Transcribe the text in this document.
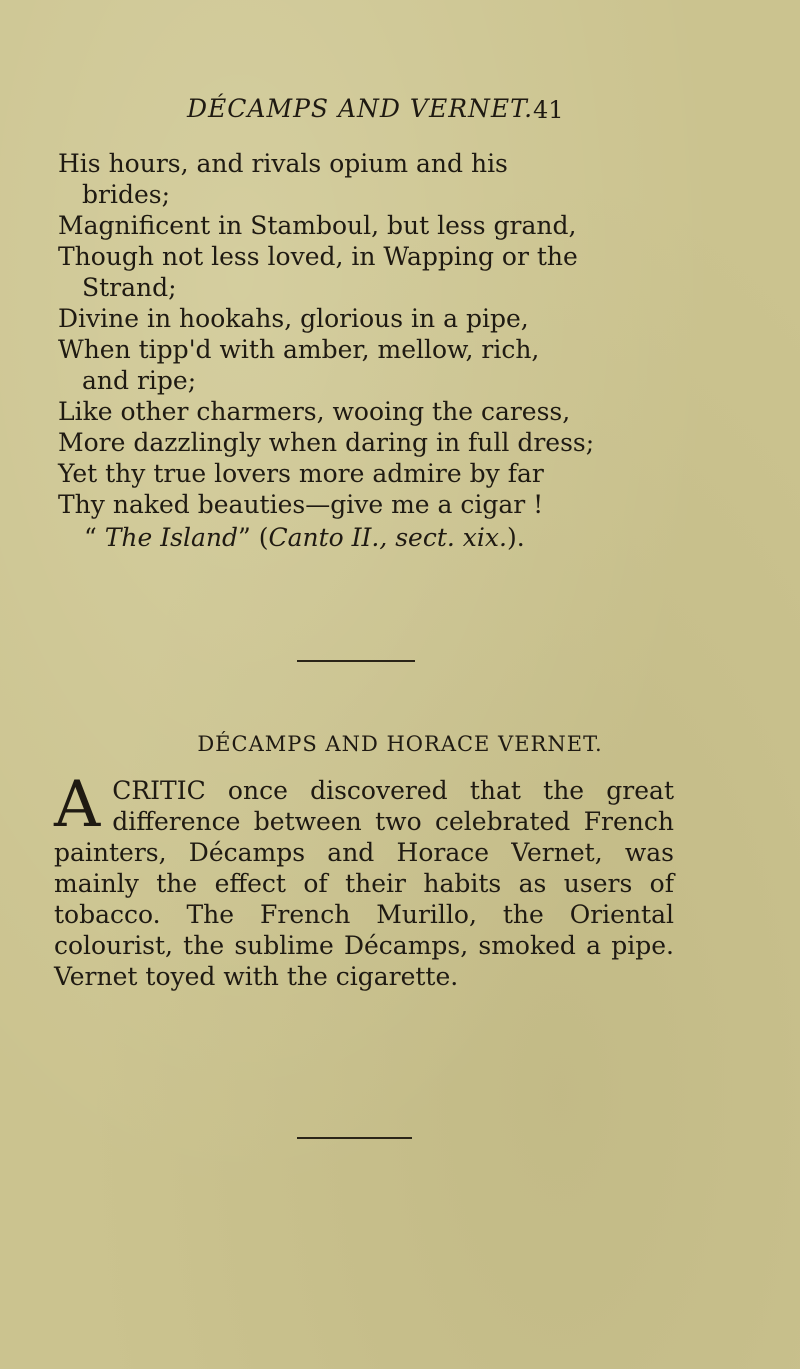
DÉCAMPS AND VERNET. 41
His hours, and rivals opium and his
brides;
Magnificent in Stamboul, but less grand,
Though not less loved, in Wapping or the
Strand;
Divine in hookahs, glorious in a pipe,
When tipp'd with amber, mellow, rich,
and ripe;
Like other charmers, wooing the caress,
More dazzlingly when daring in full dress;
Yet thy true lovers more admire by far
Thy naked beauties—give me a cigar !
“ The Island” (Canto II., sect. xix.).
DÉCAMPS AND HORACE VERNET.
A CRITIC once discovered that the great difference between two celebrated French painters, Décamps and Horace Vernet, was mainly the effect of their habits as users of tobacco. The French Murillo, the Oriental colourist, the sublime Décamps, smoked a pipe. Vernet toyed with the cigarette.
